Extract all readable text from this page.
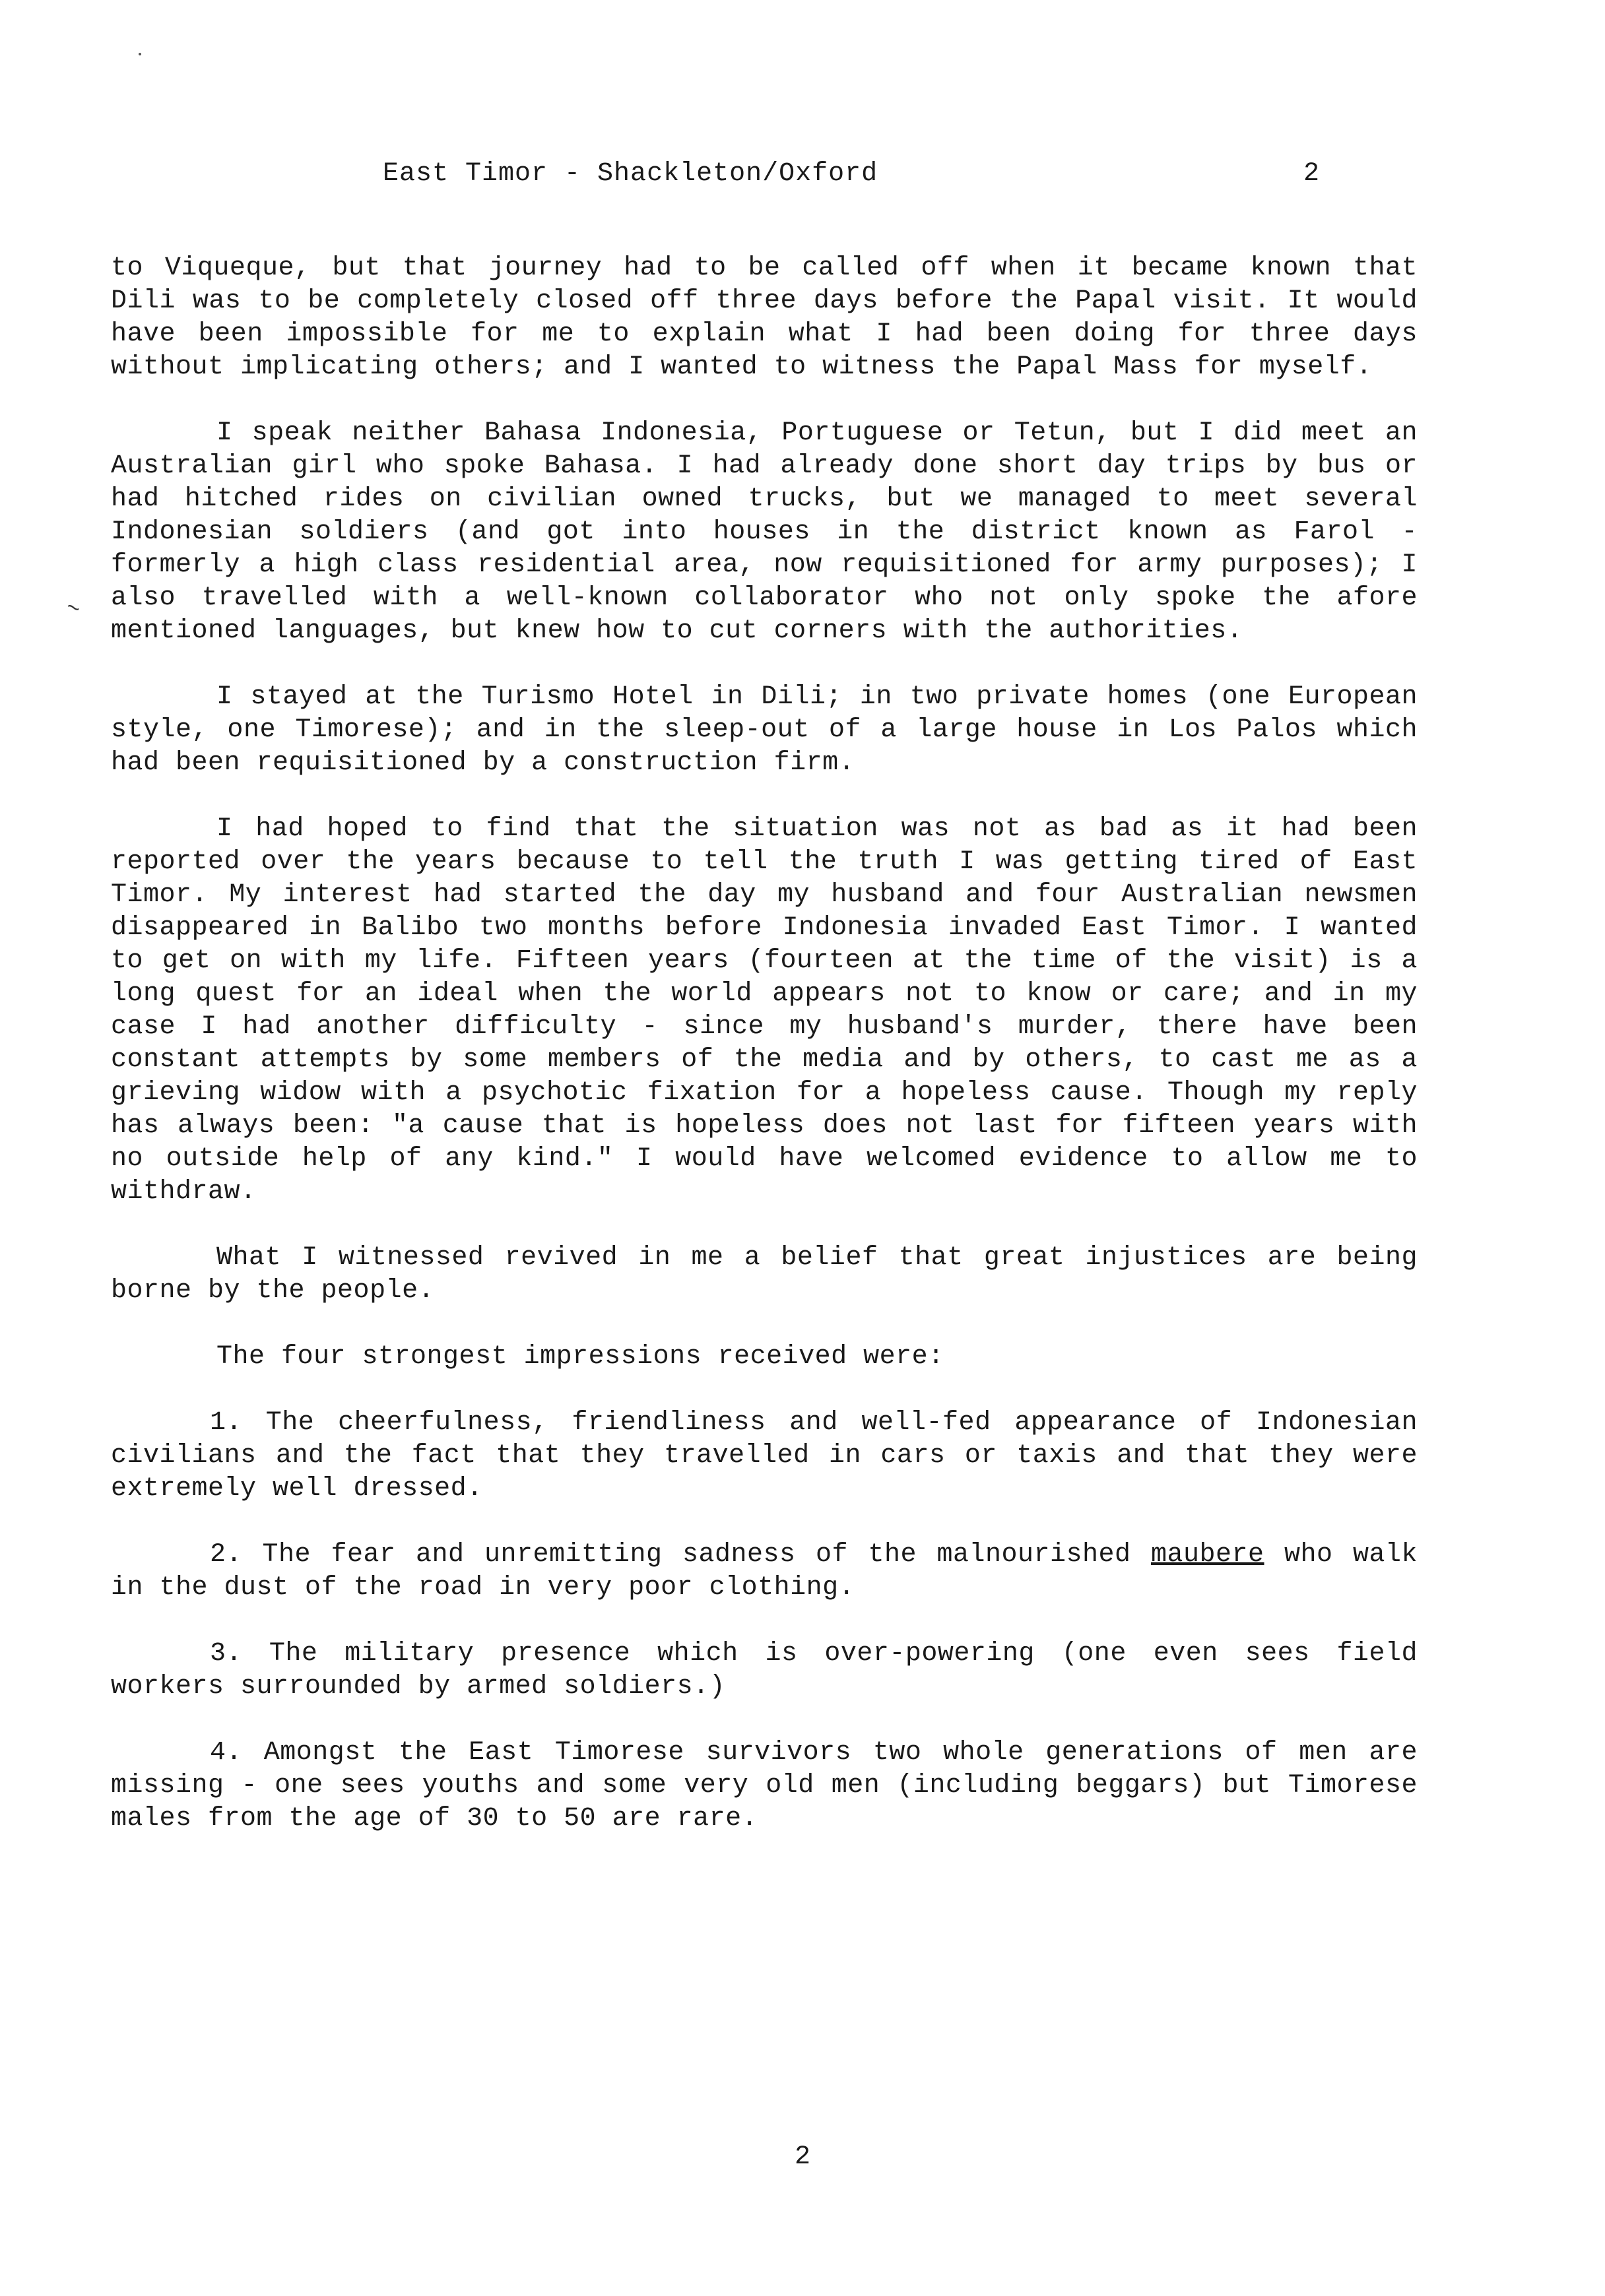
East Timor - Shackleton/Oxford	2
~

to Viqueque, but that journey had to be called off when it became known that Dili was to be completely closed off three days before the Papal visit. It would have been impossible for me to explain what I had been doing for three days without implicating others; and I wanted to witness the Papal Mass for myself.

I speak neither Bahasa Indonesia, Portuguese or Tetun, but I did meet an Australian girl who spoke Bahasa. I had already done short day trips by bus or had hitched rides on civilian owned trucks, but we managed to meet several Indonesian soldiers (and got into houses in the district known as Farol - formerly a high class residential area, now requisitioned for army purposes); I also travelled with a well-known collaborator who not only spoke the afore mentioned languages, but knew how to cut corners with the authorities.

I stayed at the Turismo Hotel in Dili; in two private homes (one European style, one Timorese); and in the sleep-out of a large house in Los Palos which had been requisitioned by a construction firm.

I had hoped to find that the situation was not as bad as it had been reported over the years because to tell the truth I was getting tired of East Timor. My interest had started the day my husband and four Australian newsmen disappeared in Balibo two months before Indonesia invaded East Timor. I wanted to get on with my life. Fifteen years (fourteen at the time of the visit) is a long quest for an ideal when the world appears not to know or care; and in my case I had another difficulty - since my husband's murder, there have been constant attempts by some members of the media and by others, to cast me as a grieving widow with a psychotic fixation for a hopeless cause. Though my reply has always been: "a cause that is hopeless does not last for fifteen years with no outside help of any kind." I would have welcomed evidence to allow me to withdraw.

What I witnessed revived in me a belief that great injustices are being borne by the people.

The four strongest impressions received were:

1. The cheerfulness, friendliness and well-fed appearance of Indonesian civilians and the fact that they travelled in cars or taxis and that they were extremely well dressed.

2. The fear and unremitting sadness of the malnourished maubere who walk in the dust of the road in very poor clothing.

3. The military presence which is over-powering (one even sees field workers surrounded by armed soldiers.)

4. Amongst the East Timorese survivors two whole generations of men are missing - one sees youths and some very old men (including beggars) but Timorese males from the age of 30 to 50 are rare.

2
